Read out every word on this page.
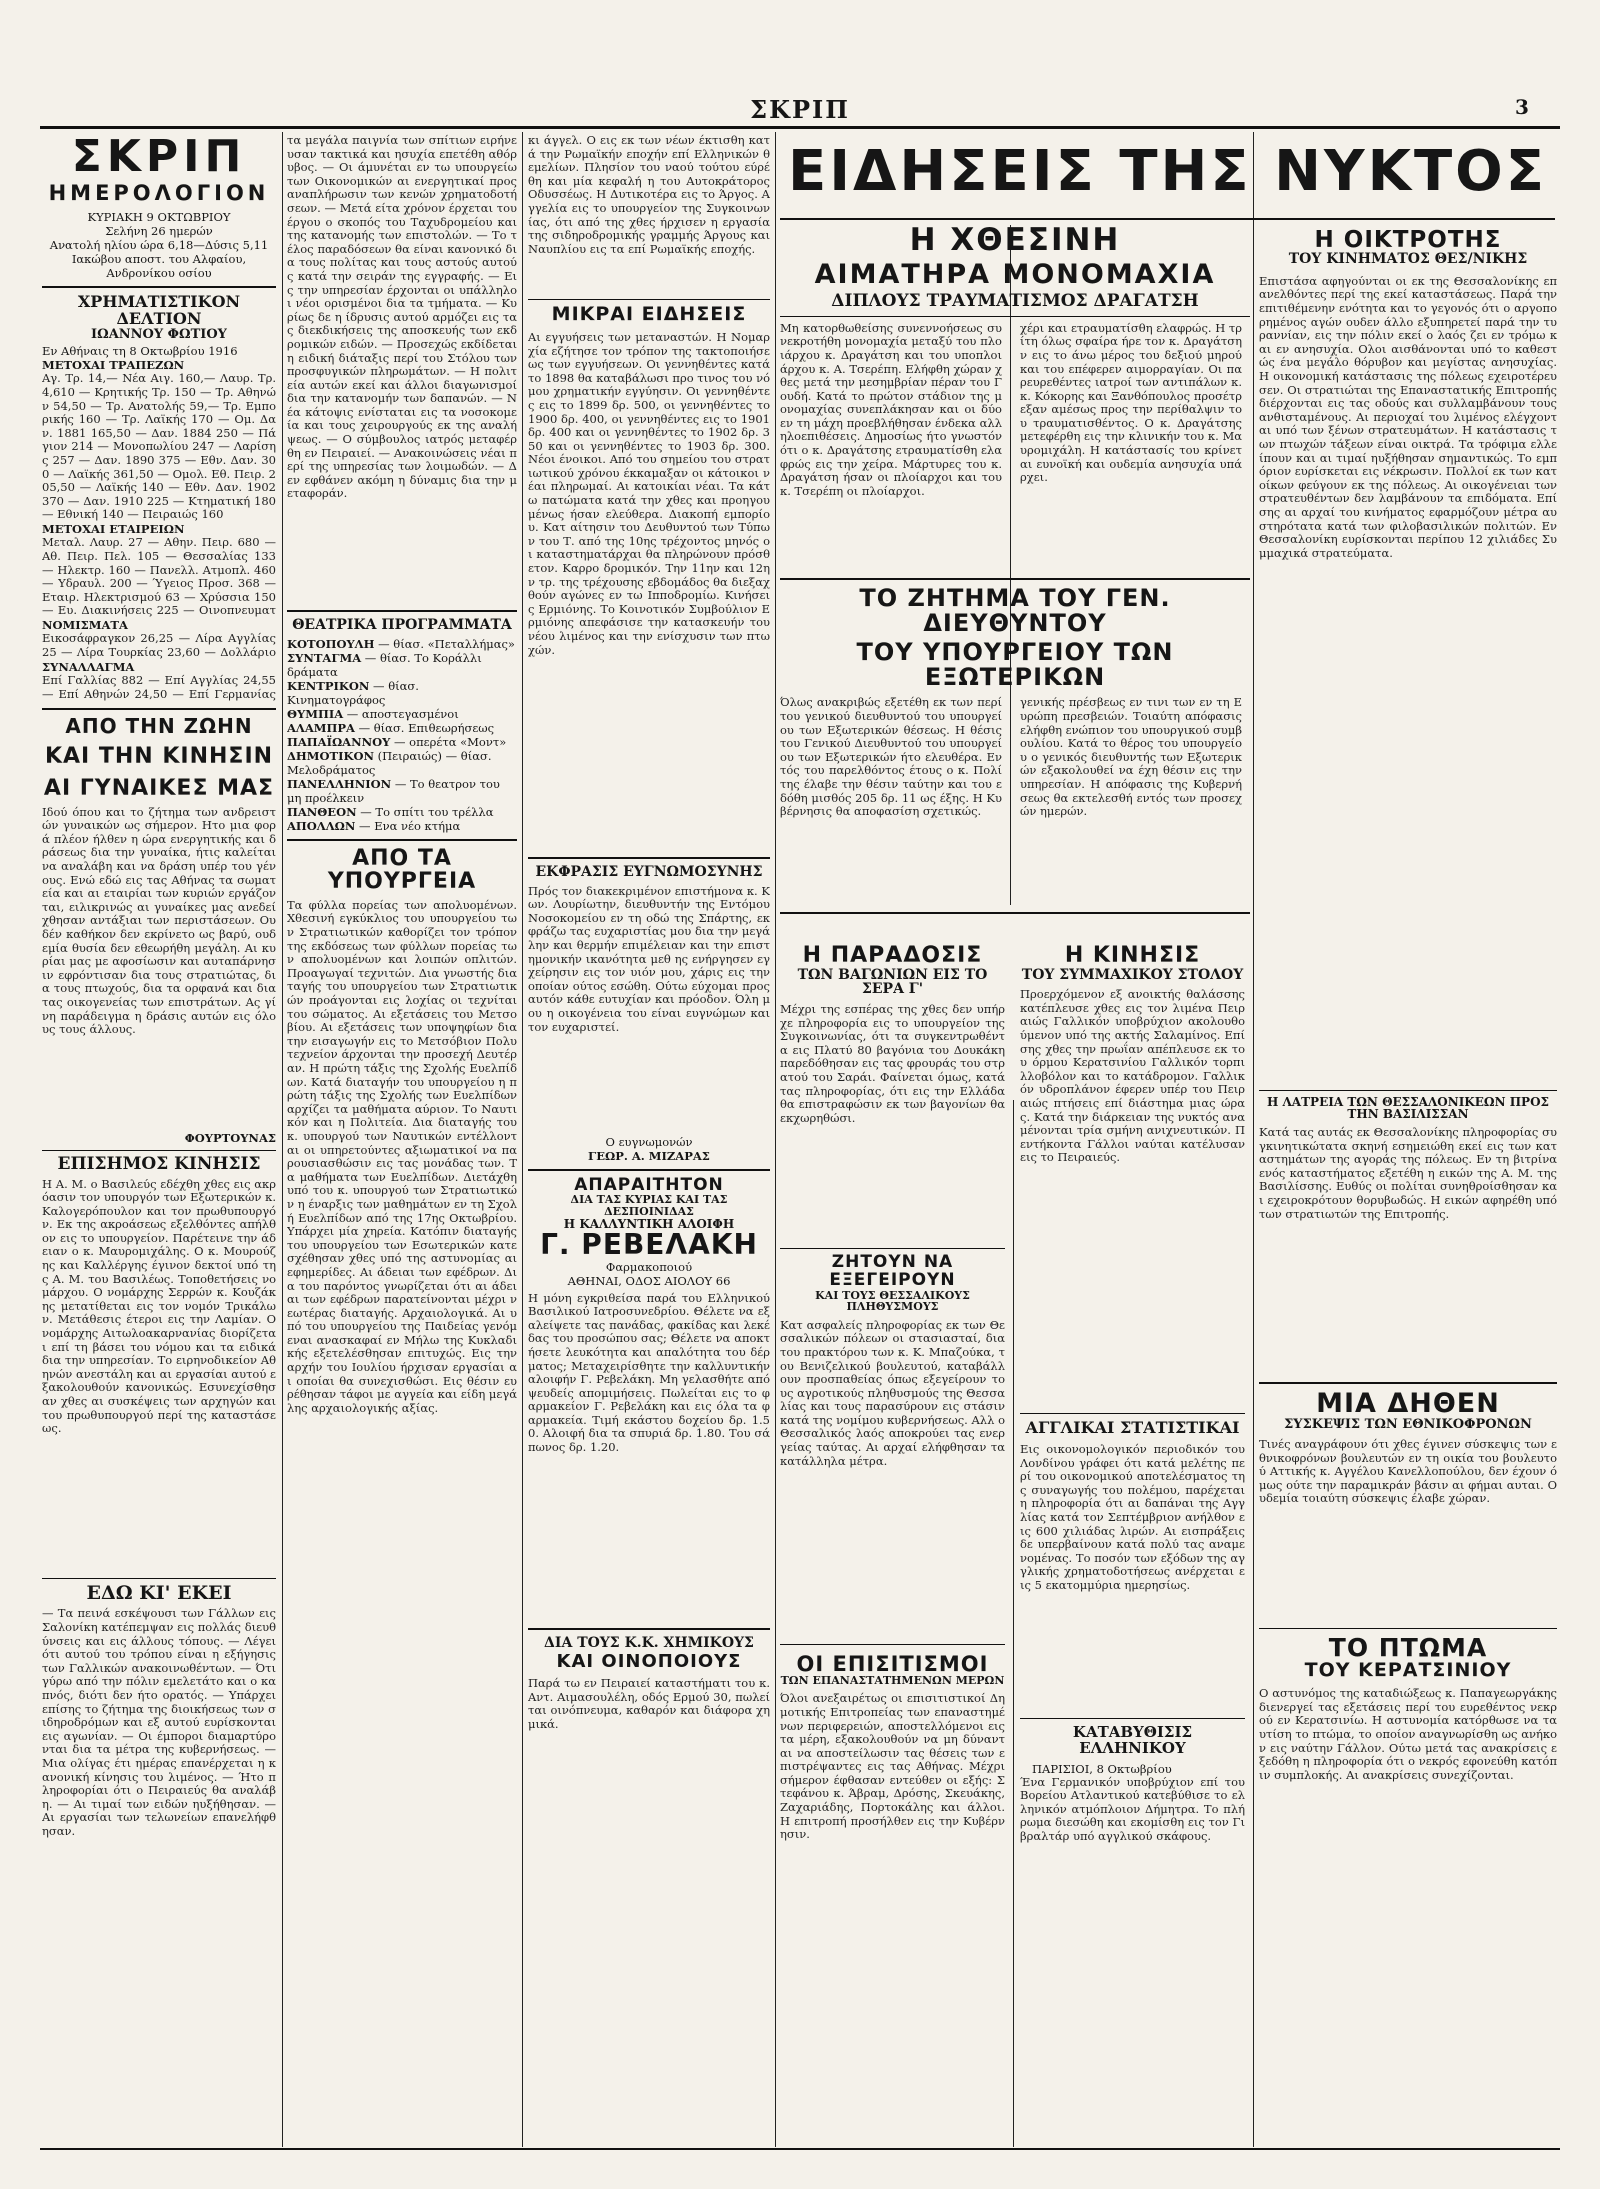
ΣΚΡΙΠ	3
ΣΚΡΙΠ
ΗΜΕΡΟΛΟΓΙΟΝ
ΚΥΡΙΑΚΗ 9 ΟΚΤΩΒΡΙΟΥ
Σελήνη 26 ημερών
Ανατολή ηλίου ώρα 6,18—Δύσις 5,11
Ιακώβου αποστ. του Αλφαίου, Ανδρονίκου οσίου
ΧΡΗΜΑΤΙΣΤΙΚΟΝ ΔΕΛΤΙΟΝ
ΙΩΑΝΝΟΥ ΦΩΤΙΟΥ
Εν Αθήναις τη 8 Οκτωβρίου 1916
ΜΕΤΟΧΑΙ ΤΡΑΠΕΖΩΝ
Αγ. Τρ. 14,— Νέα Αιγ. 160,— Λαυρ. Τρ. 4,610 — Κρητικής Τρ. 150 — Τρ. Αθηνών 54,50 — Τρ. Ανατολής 59,— Τρ. Εμπορικής 160 — Τρ. Λαϊκής 170 — Ομ. Δαν. 1881 165,50 — Δαν. 1884 250 — Πάγιον 214 — Μονοπωλίου 247 — Λαρίσης 257 — Δαν. 1890 375 — Εθν. Δαν. 300 — Λαϊκής 361,50 — Ομολ. Εθ. Πειρ. 205,50 — Λαϊκής 140 — Εθν. Δαν. 1902 370 — Δαν. 1910 225 — Κτηματική 180 — Εθνική 140 — Πειραιώς 160
ΜΕΤΟΧΑΙ ΕΤΑΙΡΕΙΩΝ
Μεταλ. Λαυρ. 27 — Αθην. Πειρ. 680 — Αθ. Πειρ. Πελ. 105 — Θεσσαλίας 133 — Ηλεκτρ. 160 — Πανελλ. Ατμοπλ. 460 — Υδραυλ. 200 — Ύγειος Προσ. 368 — Εταιρ. Ηλεκτρισμού 63 — Χρύσσια 150 — Ευ. Διακινήσεις 225 — Οινοπνευματ
ΝΟΜΙΣΜΑΤΑ
Εικοσάφραγκον 26,25 — Λίρα Αγγλίας 25 — Λίρα Τουρκίας 23,60 — Δολλάριο
ΣΥΝΑΛΛΑΓΜΑ
Επί Γαλλίας 882 — Επί Αγγλίας 24,55 — Επί Αθηνών 24,50 — Επί Γερμανίας
ΑΠΟ ΤΗΝ ΖΩΗΝ
ΚΑΙ ΤΗΝ ΚΙΝΗΣΙΝ
ΑΙ ΓΥΝΑΙΚΕΣ ΜΑΣ
Ιδού όπου και το ζήτημα των ανδρειστών γυναικών ως σήμερον. Ητο μια φορά πλέον ήλθεν η ώρα ενεργητικής και δράσεως δια την γυναίκα, ήτις καλείται να αναλάβη και να δράση υπέρ του γένους. Ενώ εδώ εις τας Αθήνας τα σωματεία και αι εταιρίαι των κυριών εργάζονται, ειλικρινώς αι γυναίκες μας ανεδείχθησαν αντάξιαι των περιστάσεων. Ουδέν καθήκον δεν εκρίνετο ως βαρύ, ουδεμία θυσία δεν εθεωρήθη μεγάλη. Αι κυρίαι μας με αφοσίωσιν και αυταπάρνησιν εφρόντισαν δια τους στρατιώτας, δια τους πτωχούς, δια τα ορφανά και δια τας οικογενείας των επιστράτων. Ας γίνη παράδειγμα η δράσις αυτών εις όλους τους άλλους.
ΦΟΥΡΤΟΥΝΑΣ
ΕΠΙΣΗΜΟΣ ΚΙΝΗΣΙΣ
Η Α. Μ. ο Βασιλεύς εδέχθη χθες εις ακρόασιν τον υπουργόν των Εξωτερικών κ. Καλογερόπουλον και τον πρωθυπουργόν. Εκ της ακροάσεως εξελθόντες απήλθον εις το υπουργείον. Παρέτεινε την άδειαν ο κ. Μαυρομιχάλης. Ο κ. Μουρούζης και Καλλέργης έγινον δεκτοί υπό της Α. Μ. του Βασιλέως. Τοποθετήσεις νομάρχου. Ο νομάρχης Σερρών κ. Κουζάκης μετατίθεται εις τον νομόν Τρικάλων. Μετάθεσις έτεροι εις την Λαμίαν. Ο νομάρχης Αιτωλοακαρνανίας διορίζεται επί τη βάσει του νόμου και τα ειδικά δια την υπηρεσίαν. Το ειρηνοδικείον Αθηνών ανεστάλη και αι εργασίαι αυτού εξακολουθούν κανονικώς. Εσυνεχίσθησαν χθες αι συσκέψεις των αρχηγών και του πρωθυπουργού περί της καταστάσεως.
ΕΔΩ ΚΙ' ΕΚΕΙ
— Τα πεινά εσκέψουσι των Γάλλων εις Σαλονίκη κατέπεμψαν εις πολλάς διευθύνσεις και εις άλλους τόπους. — Λέγει ότι αυτού του τρόπου είναι η εξήγησις των Γαλλικών ανακοινωθέντων. — Ότι γύρω από την πόλιν εμελετάτο και ο καπνός, διότι δεν ήτο ορατός. — Υπάρχει επίσης το ζήτημα της διοικήσεως των σιδηροδρόμων και εξ αυτού ευρίσκονται εις αγωνίαν. — Οι έμποροι διαμαρτύρονται δια τα μέτρα της κυβερνήσεως. — Μια ολίγας έτι ημέρας επανέρχεται η κανονική κίνησις του λιμένος. — Ήτο πληροφορίαι ότι ο Πειραιεύς θα αναλάβη. — Αι τιμαί των ειδών ηυξήθησαν. — Αι εργασίαι των τελωνείων επανελήφθησαν.
τα μεγάλα παιγνία των σπίτιων ειρήνευσαν τακτικά και ησυχία επετέθη αθόρυβος. — Οι άμυνέται εν τω υπουργείω των Οικονομικών αι ενεργητικαί προς αναπλήρωσιν των κενών χρηματοδοτήσεων. — Μετά είτα χρόνον έρχεται του έργου ο σκοπός του Ταχυδρομείου και της κατανομής των επιστολών. — Το τέλος παραδόσεων θα είναι κανονικό δια τους πολίτας και τους αστούς αυτούς κατά την σειράν της εγγραφής. — Εις την υπηρεσίαν έρχονται οι υπάλληλοι νέοι ορισμένοι δια τα τμήματα. — Κυρίως δε η ίδρυσις αυτού αρμόζει εις τας διεκδικήσεις της αποσκευής των εκδρομικών ειδών. — Προσεχώς εκδίδεται η ειδική διάταξις περί του Στόλου των προσφυγικών πληρωμάτων. — Η πολιτεία αυτών εκεί και άλλοι διαγωνισμοί δια την κατανομήν των δαπανών. — Νέα κάτοψις ενίσταται εις τα νοσοκομεία και τους χειρουργούς εκ της αναλήψεως. — Ο σύμβουλος ιατρός μεταφέρθη εν Πειραιεί. — Ανακοινώσεις νέαι περί της υπηρεσίας των λοιμωδών. — Δεν εφθάνεν ακόμη η δύναμις δια την μεταφοράν.
ΘΕΑΤΡΙΚΑ ΠΡΟΓΡΑΜΜΑΤΑ
ΚΟΤΟΠΟΥΛΗ — θίασ. «Πεταλλήμας»
ΣΥΝΤΑΓΜΑ — θίασ. Το Κοράλλι δράματα
ΚΕΝΤΡΙΚΟΝ — θίασ. Κινηματογράφος
ΘΥΜΠΙΑ — αποστεγασμένοι
ΑΛΑΜΠΡΑ — θίασ. Επιθεωρήσεως
ΠΑΠΑΪΩΑΝΝΟΥ — οπερέτα «Μοντ»
ΔΗΜΟΤΙΚΟΝ (Πειραιώς) — θίασ. Μελοδράματος
ΠΑΝΕΛΛΗΝΙΟΝ — Το θεατρον του μη προέλκειν
ΠΑΝΘΕΟΝ — Το σπίτι του τρέλλα
ΑΠΟΛΛΩΝ — Ενα νέο κτήμα
ΑΠΟ ΤΑ ΥΠΟΥΡΓΕΙΑ
Τα φύλλα πορείας των απολυομένων. Χθεσινή εγκύκλιος του υπουργείου των Στρατιωτικών καθορίζει τον τρόπον της εκδόσεως των φύλλων πορείας των απολυομένων και λοιπών οπλιτών. Προαγωγαί τεχνιτών. Δια γνωστής διαταγής του υπουργείου των Στρατιωτικών προάγονται εις λοχίας οι τεχνίται του σώματος. Αι εξετάσεις του Μετσοβίου. Αι εξετάσεις των υποψηφίων δια την εισαγωγήν εις το Μετσόβιον Πολυτεχνείον άρχονται την προσεχή Δευτέραν. Η πρώτη τάξις της Σχολής Ευελπίδων. Κατά διαταγήν του υπουργείου η πρώτη τάξις της Σχολής των Ευελπίδων αρχίζει τα μαθήματα αύριον. Το Ναυτικόν και η Πολιτεία. Δια διαταγής του κ. υπουργού των Ναυτικών εντέλλονται οι υπηρετούντες αξιωματικοί να παρουσιασθώσιν εις τας μονάδας των. Τα μαθήματα των Ευελπίδων. Διετάχθη υπό του κ. υπουργού των Στρατιωτικών η έναρξις των μαθημάτων εν τη Σχολή Ευελπίδων από της 17ης Οκτωβρίου. Υπάρχει μία χηρεία. Κατόπιν διαταγής του υπουργείου των Εσωτερικών κατεσχέθησαν χθες υπό της αστυνομίας αι εφημερίδες. Αι άδειαι των εφέδρων. Δια του παρόντος γνωρίζεται ότι αι άδειαι των εφέδρων παρατείνονται μέχρι νεωτέρας διαταγής. Αρχαιολογικά. Αι υπό του υπουργείου της Παιδείας γενόμεναι ανασκαφαί εν Μήλω της Κυκλαδικής εξετελέσθησαν επιτυχώς. Εις την αρχήν του Ιουλίου ήρχισαν εργασίαι αι οποίαι θα συνεχισθώσι. Εις θέσιν ευρέθησαν τάφοι με αγγεία και είδη μεγάλης αρχαιολογικής αξίας.
κι άγγελ. Ο εις εκ των νέων έκτισθη κατά την Ρωμαϊκήν εποχήν επί Ελληνικών θεμελίων. Πλησίον του ναού τούτου εύρέθη και μία κεφαλή η του Αυτοκράτορος Οδυσσέως. Η Δυτικοτέρα εις το Άργος. Αγγελία εις το υπουργείον της Συγκοινωνίας, ότι από της χθες ήρχισεν η εργασία της σιδηροδρομικής γραμμής Άργους και Ναυπλίου εις τα επί Ρωμαϊκής εποχής.
ΜΙΚΡΑΙ ΕΙΔΗΣΕΙΣ
Αι εγγυήσεις των μεταναστών. Η Νομαρχία εζήτησε τον τρόπον της τακτοποιήσεως των εγγυήσεων. Οι γεννηθέντες κατά το 1898 θα καταβάλωσι προ τινος του νόμου χρηματικήν εγγύησιν. Οι γεννηθέντες εις το 1899 δρ. 500, οι γεννηθέντες το 1900 δρ. 400, οι γεννηθέντες εις το 1901 δρ. 400 και οι γεννηθέντες το 1902 δρ. 350 και οι γεννηθέντες το 1903 δρ. 300. Νέοι ένοικοι. Από του σημείου του στρατιωτικού χρόνου έκκαμαξαν οι κάτοικοι νέαι πληρωμαί. Αι κατοικίαι νέαι. Τα κάτω πατώματα κατά την χθες και προηγουμένως ήσαν ελεύθερα. Διακοπή εμπορίου. Κατ αίτησιν του Δευθυντού των Τύπων του Τ. από της 10ης τρέχοντος μηνός οι καταστηματάρχαι θα πληρώνουν πρόσθετον. Καρρο δρομικόν. Την 11ην και 12ην τρ. της τρέχουσης εβδομάδος θα διεξαχθούν αγώνες εν τω Ιπποδρομίω. Κινήσεις Ερμιόνης. Το Κοινοτικόν Συμβούλιον Ερμιόνης απεφάσισε την κατασκευήν του νέου λιμένος και την ενίσχυσιν των πτωχών.
ΕΚΦΡΑΣΙΣ ΕΥΓΝΩΜΟΣΥΝΗΣ
Πρός τον διακεκριμένον επιστήμονα κ. Κων. Λουρίωτην, διευθυντήν της Εντόμου Νοσοκομείου εν τη οδώ της Σπάρτης, εκφράζω τας ευχαριστίας μου δια την μεγάλην και θερμήν επιμέλειαν και την επιστημονικήν ικανότητα μεθ ης ενήργησεν εγχείρησιν εις τον υιόν μου, χάρις εις την οποίαν ούτος εσώθη. Ούτω εύχομαι προς αυτόν κάθε ευτυχίαν και πρόοδον. Όλη μου η οικογένεια του είναι ευγνώμων και τον ευχαριστεί.
Ο ευγνωμονών
ΓΕΩΡ. Α. ΜΙΖΑΡΑΣ
ΑΠΑΡΑΙΤΗΤΟΝ
ΔΙΑ ΤΑΣ ΚΥΡΙΑΣ ΚΑΙ ΤΑΣ ΔΕΣΠΟΙΝΙΔΑΣ
Η ΚΑΛΛΥΝΤΙΚΗ ΑΛΟΙΦΗ
Γ. ΡΕΒΕΛΑΚΗ
Φαρμακοποιού
ΑΘΗΝΑΙ, ΟΔΟΣ ΑΙΟΛΟΥ 66
Η μόνη εγκριθείσα παρά του Ελληνικού Βασιλικού Ιατροσυνεδρίου. Θέλετε να εξαλείψετε τας πανάδας, φακίδας και λεκέδας του προσώπου σας; Θέλετε να αποκτήσετε λευκότητα και απαλότητα του δέρματος; Μεταχειρίσθητε την καλλυντικήν αλοιφήν Γ. Ρεβελάκη. Μη γελασθήτε από ψευδείς απομιμήσεις. Πωλείται εις το φαρμακείον Γ. Ρεβελάκη και εις όλα τα φαρμακεία. Τιμή εκάστου δοχείου δρ. 1.50. Αλοιφή δια τα σπυριά δρ. 1.80. Του σάπωνος δρ. 1.20.
ΔΙΑ ΤΟΥΣ Κ.Κ. ΧΗΜΙΚΟΥΣ
ΚΑΙ ΟΙΝΟΠΟΙΟΥΣ
Παρά τω εν Πειραιεί καταστήματι του κ. Αντ. Αιμασουλέλη, οδός Ερμού 30, πωλείται οινόπνευμα, καθαρόν και διάφορα χημικά.
ΕΙΔΗΣΕΙΣ ΤΗΣ ΝΥΚΤΟΣ
Η ΧΘΕΣΙΝΗ
ΑΙΜΑΤΗΡΑ ΜΟΝΟΜΑΧΙΑ
ΔΙΠΛΟΥΣ ΤΡΑΥΜΑΤΙΣΜΟΣ ΔΡΑΓΑΤΣΗ
Μη κατορθωθείσης συνεννοήσεως συνεκροτήθη μονομαχία μεταξύ του πλοιάρχου κ. Δραγάτση και του υποπλοιάρχου κ. Α. Τσερέπη. Ελήφθη χώραν χθες μετά την μεσημβρίαν πέραν του Γουδή. Κατά το πρώτον στάδιον της μονομαχίας συνεπλάκησαν και οι δύο εν τη μάχη προεβλήθησαν ένδεκα αλληλοεπιθέσεις. Δημοσίως ήτο γνωστόν ότι ο κ. Δραγάτσης ετραυματίσθη ελαφρώς εις την χείρα. Μάρτυρες του κ. Δραγάτση ήσαν οι πλοίαρχοι και του κ. Τσερέπη οι πλοίαρχοι.
χέρι και ετραυματίσθη ελαφρώς. Η τρίτη όλως σφαίρα ήρε τον κ. Δραγάτσην εις το άνω μέρος του δεξιού μηρού και του επέφερεν αιμορραγίαν. Οι παρευρεθέντες ιατροί των αντιπάλων κ.κ. Κόκορης και Ξανθόπουλος προσέτρεξαν αμέσως προς την περίθαλψιν του τραυματισθέντος. Ο κ. Δραγάτσης μετεφέρθη εις την κλινικήν του κ. Μαυρομιχάλη. Η κατάστασίς του κρίνεται ευνοϊκή και ουδεμία ανησυχία υπάρχει.
ΤΟ ΖΗΤΗΜΑ ΤΟΥ ΓΕΝ. ΔΙΕΥΘΥΝΤΟΥ
ΤΟΥ ΥΠΟΥΡΓΕΙΟΥ ΤΩΝ ΕΞΩΤΕΡΙΚΩΝ
Όλως ανακριβώς εξετέθη εκ των περί του γενικού διευθυντού του υπουργείου των Εξωτερικών θέσεως. Η θέσις του Γενικού Διευθυντού του υπουργείου των Εξωτερικών ήτο ελευθέρα. Εντός του παρελθόντος έτους ο κ. Πολίτης έλαβε την θέσιν ταύτην και του εδόθη μισθός 205 δρ. 11 ως έξης. Η Κυβέρνησις θα αποφασίση σχετικώς.
γενικής πρέσβεως εν τινι των εν τη Ευρώπη πρεσβειών. Τοιαύτη απόφασις ελήφθη ενώπιον του υπουργικού συμβουλίου. Κατά το θέρος του υπουργείου ο γενικός διευθυντής των Εξωτερικών εξακολουθεί να έχη θέσιν εις την υπηρεσίαν. Η απόφασις της Κυβερνήσεως θα εκτελεσθή εντός των προσεχών ημερών.
Η ΠΑΡΑΔΟΣΙΣ
ΤΩΝ ΒΑΓΩΝΙΩΝ ΕΙΣ ΤΟ ΣΕΡΑ Γ'
Μέχρι της εσπέρας της χθες δεν υπήρχε πληροφορία εις το υπουργείον της Συγκοινωνίας, ότι τα συγκεντρωθέντα εις Πλατύ 80 βαγόνια του Δουκάκη παρεδόθησαν εις τας φρουράς του στρατού του Σαράι. Φαίνεται όμως, κατά τας πληροφορίας, ότι εις την Ελλάδα θα επιστραφώσιν εκ των βαγονίων θα εκχωρηθώσι.
ΖΗΤΟΥΝ ΝΑ ΕΞΕΓΕΙΡΟΥΝ
ΚΑΙ ΤΟΥΣ ΘΕΣΣΑΛΙΚΟΥΣ ΠΛΗΘΥΣΜΟΥΣ
Κατ ασφαλείς πληροφορίας εκ των Θεσσαλικών πόλεων οι στασιασταί, δια του πρακτόρου των κ. Κ. Μπαζούκα, του Βενιζελικού βουλευτού, καταβάλλουν προσπαθείας όπως εξεγείρουν τους αγροτικούς πληθυσμούς της Θεσσαλίας και τους παρασύρουν εις στάσιν κατά της νομίμου κυβερνήσεως. Αλλ ο Θεσσαλικός λαός αποκρούει τας ενεργείας ταύτας. Αι αρχαί ελήφθησαν τα κατάλληλα μέτρα.
ΟΙ ΕΠΙΣΙΤΙΣΜΟΙ
ΤΩΝ ΕΠΑΝΑΣΤΑΤΗΜΕΝΩΝ ΜΕΡΩΝ
Όλοι ανεξαιρέτως οι επισιτιστικοί Δημοτικής Επιτροπείας των επαναστημένων περιφερειών, αποστελλόμενοι εις τα μέρη, εξακολουθούν να μη δύνανται να αποστείλωσιν τας θέσεις των επιστρέψαντες εις τας Αθήνας. Μέχρι σήμερον έφθασαν εντεύθεν οι εξής: Στεφάνου κ. Άβραμ, Δρόσης, Σκευάκης, Ζαχαριάδης, Πορτοκάλης και άλλοι. Η επιτροπή προσήλθεν εις την Κυβέρνησιν.
Η ΚΙΝΗΣΙΣ
ΤΟΥ ΣΥΜΜΑΧΙΚΟΥ ΣΤΟΛΟΥ
Προερχόμενον εξ ανοικτής θαλάσσης κατέπλευσε χθες εις τον λιμένα Πειραιώς Γαλλικόν υποβρύχιον ακολουθούμενον υπό της ακτής Σαλαμίνος. Επίσης χθες την πρωΐαν απέπλευσε εκ του όρμου Κερατσινίου Γαλλικόν τορπιλλοβόλον και το κατάδρομον. Γαλλικόν υδροπλάνον έφερεν υπέρ του Πειραιώς πτήσεις επί διάστημα μιας ώρας. Κατά την διάρκειαν της νυκτός αναμένονται τρία σμήνη ανιχνευτικών. Πεντήκοντα Γάλλοι ναύται κατέλυσαν εις το Πειραιεύς.
ΑΓΓΛΙΚΑΙ ΣΤΑΤΙΣΤΙΚΑΙ
Εις οικονομολογικόν περιοδικόν του Λονδίνου γράφει ότι κατά μελέτης περί του οικονομικού αποτελέσματος της συναγωγής του πολέμου, παρέχεται η πληροφορία ότι αι δαπάναι της Αγγλίας κατά τον Σεπτέμβριον ανήλθον εις 600 χιλιάδας λιρών. Αι εισπράξεις δε υπερβαίνουν κατά πολύ τας αναμενομένας. Το ποσόν των εξόδων της αγγλικής χρηματοδοτήσεως ανέρχεται εις 5 εκατομμύρια ημερησίως.
ΚΑΤΑΒΥΘΙΣΙΣ ΕΛΛΗΝΙΚΟΥ
ΠΑΡΙΣΙΟΙ, 8 Οκτωβρίου
Ένα Γερμανικόν υποβρύχιον επί του Βορείου Ατλαντικού κατεβύθισε το ελληνικόν ατμόπλοιον Δήμητρα. Το πλήρωμα διεσώθη και εκομίσθη εις τον Γιβραλτάρ υπό αγγλικού σκάφους.
Η ΟΙΚΤΡΟΤΗΣ
ΤΟΥ ΚΙΝΗΜΑΤΟΣ ΘΕΣ/ΝΙΚΗΣ
Επιστάσα αφηγούνται οι εκ της Θεσσαλονίκης επανελθόντες περί της εκεί καταστάσεως. Παρά την επιτιθέμενην ενότητα και το γεγονός ότι ο αργοπορημένος αγών ουδεν άλλο εξυπηρετεί παρά την τυραννίαν, εις την πόλιν εκεί ο λαός ζει εν τρόμω και εν ανησυχία. Ολοι αισθάνονται υπό το καθεστώς ένα μεγάλο θόρυβον και μεγίστας ανησυχίας. Η οικονομική κατάστασις της πόλεως εχειροτέρευσεν. Οι στρατιώται της Επαναστατικής Επιτροπής διέρχονται εις τας οδούς και συλλαμβάνουν τους ανθισταμένους. Αι περιοχαί του λιμένος ελέγχονται υπό των ξένων στρατευμάτων. Η κατάστασις των πτωχών τάξεων είναι οικτρά. Τα τρόφιμα ελλείπουν και αι τιμαί ηυξήθησαν σημαντικώς. Το εμπόριον ευρίσκεται εις νέκρωσιν. Πολλοί εκ των κατοίκων φεύγουν εκ της πόλεως. Αι οικογένειαι των στρατευθέντων δεν λαμβάνουν τα επιδόματα. Επίσης αι αρχαί του κινήματος εφαρμόζουν μέτρα αυστηρότατα κατά των φιλοβασιλικών πολιτών. Εν Θεσσαλονίκη ευρίσκονται περίπου 12 χιλιάδες Συμμαχικά στρατεύματα.
Η ΛΑΤΡΕΙΑ ΤΩΝ ΘΕΣΣΑΛΟΝΙΚΕΩΝ ΠΡΟΣ ΤΗΝ ΒΑΣΙΛΙΣΣΑΝ
Κατά τας αυτάς εκ Θεσσαλονίκης πληροφορίας συγκινητικώτατα σκηνή εσημειώθη εκεί εις των καταστημάτων της αγοράς της πόλεως. Εν τη βιτρίνα ενός καταστήματος εξετέθη η εικών της Α. Μ. της Βασιλίσσης. Ευθύς οι πολίται συνηθροίσθησαν και εχειροκρότουν θορυβωδώς. Η εικών αφηρέθη υπό των στρατιωτών της Επιτροπής.
ΜΙΑ ΔΗΘΕΝ
ΣΥΣΚΕΨΙΣ ΤΩΝ ΕΘΝΙΚΟΦΡΟΝΩΝ
Τινές αναγράφουν ότι χθες έγινεν σύσκεψις των εθνικοφρόνων βουλευτών εν τη οικία του βουλευτού Αττικής κ. Αγγέλου Κανελλοπούλου, δεν έχουν όμως ούτε την παραμικράν βάσιν αι φήμαι αυται. Ουδεμία τοιαύτη σύσκεψις έλαβε χώραν.
ΤΟ ΠΤΩΜΑ
ΤΟΥ ΚΕΡΑΤΣΙΝΙΟΥ
Ο αστυνόμος της καταδιώξεως κ. Παπαγεωργάκης διενεργεί τας εξετάσεις περί του ευρεθέντος νεκρού εν Κερατσινίω. Η αστυνομία κατόρθωσε να ταυτίση το πτώμα, το οποίον αναγνωρίσθη ως ανήκον εις ναύτην Γάλλον. Ούτω μετά τας ανακρίσεις εξεδόθη η πληροφορία ότι ο νεκρός εφονεύθη κατόπιν συμπλοκής. Αι ανακρίσεις συνεχίζονται.
